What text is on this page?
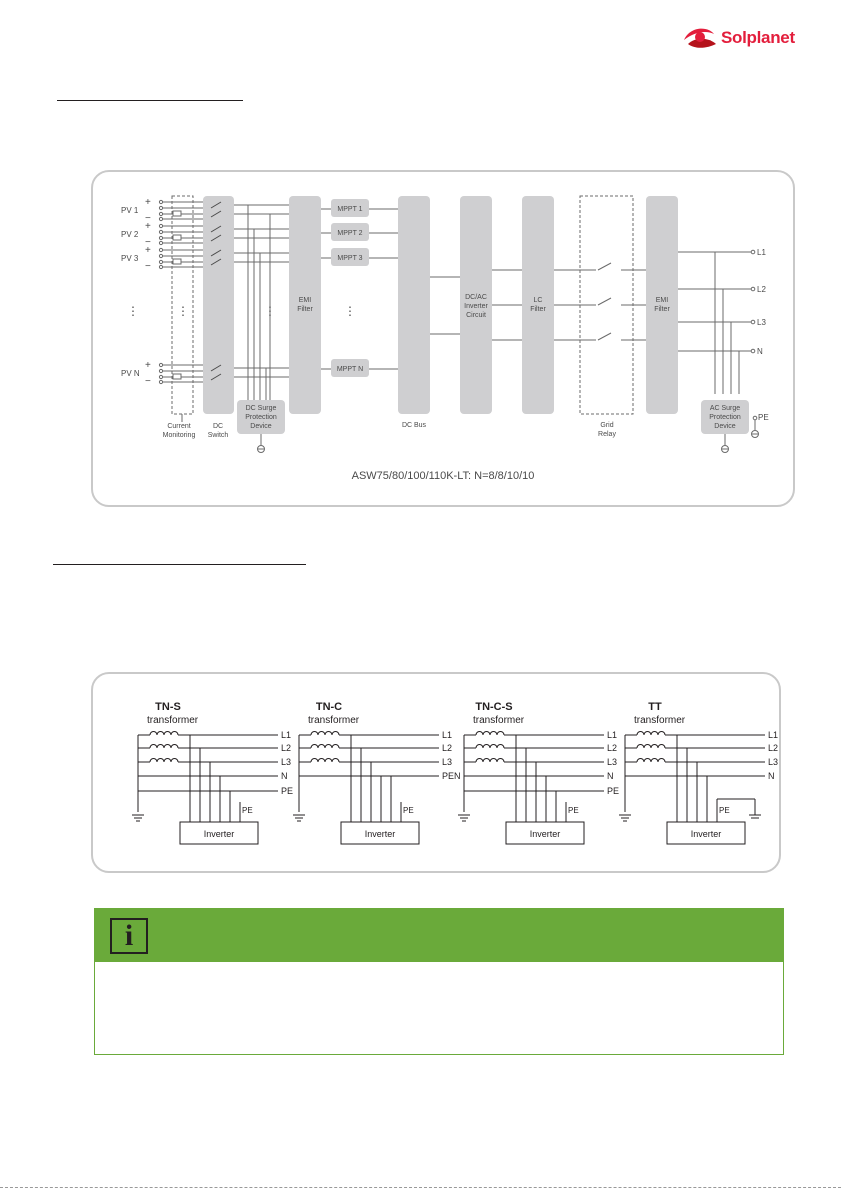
Solplanet
PV 1
PV 2
PV 3
PV N
+
−
+
−
+
−
+
−
MPPT 1
MPPT 2
MPPT 3
MPPT N
EMI
Filter
DC/AC
Inverter
Circuit
LC
Filter
EMI
Filter
DC Surge
Protection
Device
AC Surge
Protection
Device
Current
Monitoring
DC
Switch
DC Bus	Grid
Relay
L1
L2
L3
N
PE
⋮	⋮	⋮	⋮
ASW75/80/100/110K-LT: N=8/8/10/10
TN-S
transformer
L1
L2
L3
N
PE
PE
Inverter
TN-C
transformer
L1
L2
L3
PEN
PE
Inverter
TN-C-S
transformer
L1
L2
L3
N
PE
PE
Inverter
TT
transformer
L1
L2
L3
N
PE
Inverter
i
